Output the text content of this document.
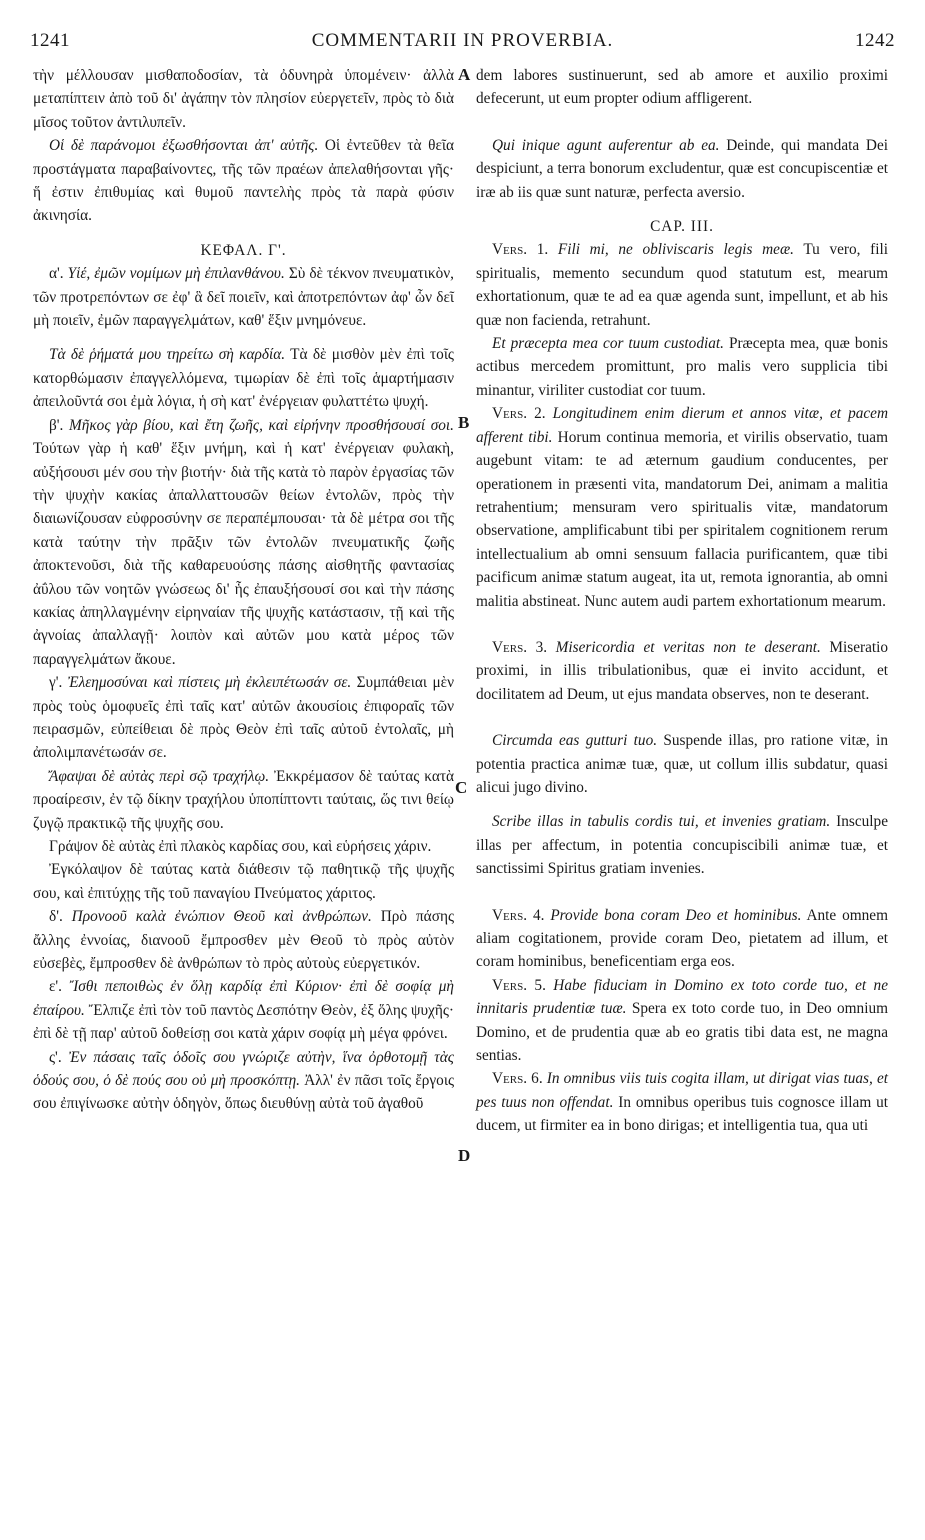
1241	COMMENTARII IN PROVERBIA.	1242
A
B
C
D

τὴν μέλλουσαν μισθαποδοσίαν, τὰ ὀδυνηρὰ ὑπομένειν· ἀλλὰ μεταπίπτειν ἀπὸ τοῦ δι' ἀγάπην τὸν πλησίον εὐεργετεῖν, πρὸς τὸ διὰ μῖσος τοῦτον ἀντιλυπεῖν.

Οἱ δὲ παράνομοι ἐξωσθήσονται ἀπ' αὐτῆς. Οἱ ἐντεῦθεν τὰ θεῖα προστάγματα παραβαίνοντες, τῆς τῶν πραέων ἀπελαθήσονται γῆς· ἥ ἐστιν ἐπιθυμίας καὶ θυμοῦ παντελὴς πρὸς τὰ παρὰ φύσιν ἀκινησία.

ΚΕΦΑΛ. Γ'.

α'. Υἱέ, ἐμῶν νομίμων μὴ ἐπιλανθάνου. Σὺ δὲ τέκνον πνευματικὸν, τῶν προτρεπόντων σε ἐφ' ἃ δεῖ ποιεῖν, καὶ ἀποτρεπόντων ἀφ' ὧν δεῖ μὴ ποιεῖν, ἐμῶν παραγγελμάτων, καθ' ἕξιν μνημόνευε.

Τὰ δὲ ῥήματά μου τηρείτω σὴ καρδία. Τὰ δὲ μισθὸν μὲν ἐπὶ τοῖς κατορθώμασιν ἐπαγγελλόμενα, τιμωρίαν δὲ ἐπὶ τοῖς ἁμαρτήμασιν ἀπειλοῦντά σοι ἐμὰ λόγια, ἡ σὴ κατ' ἐνέργειαν φυλαττέτω ψυχή.

β'. Μῆκος γὰρ βίου, καὶ ἔτη ζωῆς, καὶ εἰρήνην προσθήσουσί σοι. Τούτων γὰρ ἡ καθ' ἕξιν μνήμη, καὶ ἡ κατ' ἐνέργειαν φυλακὴ, αὐξήσουσι μέν σου τὴν βιοτήν· διὰ τῆς κατὰ τὸ παρὸν ἐργασίας τῶν τὴν ψυχὴν κακίας ἀπαλλαττουσῶν θείων ἐντολῶν, πρὸς τὴν διαιωνίζουσαν εὐφροσύνην σε περαπέμπουσαι· τὰ δὲ μέτρα σοι τῆς κατὰ ταύτην τὴν πρᾶξιν τῶν ἐντολῶν πνευματικῆς ζωῆς ἀποκτενοῦσι, διὰ τῆς καθαρευούσης πάσης αἰσθητῆς φαντασίας ἀΰλου τῶν νοητῶν γνώσεως δι' ἧς ἐπαυξήσουσί σοι καὶ τὴν πάσης κακίας ἀπηλλαγμένην εἰρηναίαν τῆς ψυχῆς κατάστασιν, τῇ καὶ τῆς ἀγνοίας ἀπαλλαγῇ· λοιπὸν καὶ αὐτῶν μου κατὰ μέρος τῶν παραγγελμάτων ἄκουε.

γ'. Ἐλεημοσύναι καὶ πίστεις μὴ ἐκλειπέτωσάν σε. Συμπάθειαι μὲν πρὸς τοὺς ὁμοφυεῖς ἐπὶ ταῖς κατ' αὐτῶν ἀκουσίοις ἐπιφοραῖς τῶν πειρασμῶν, εὐπείθειαι δὲ πρὸς Θεὸν ἐπὶ ταῖς αὐτοῦ ἐντολαῖς, μὴ ἀπολιμπανέτωσάν σε.

Ἄφαψαι δὲ αὐτὰς περὶ σῷ τραχήλῳ. Ἐκκρέμασον δὲ ταύτας κατὰ προαίρεσιν, ἐν τῷ δίκην τραχήλου ὑποπίπτοντι ταύταις, ὥς τινι θείῳ ζυγῷ πρακτικῷ τῆς ψυχῆς σου.

Γράψον δὲ αὐτὰς ἐπὶ πλακὸς καρδίας σου, καὶ εὑρήσεις χάριν.

Ἐγκόλαψον δὲ ταύτας κατὰ διάθεσιν τῷ παθητικῷ τῆς ψυχῆς σου, καὶ ἐπιτύχῃς τῆς τοῦ παναγίου Πνεύματος χάριτος.

δ'. Προνοοῦ καλὰ ἐνώπιον Θεοῦ καὶ ἀνθρώπων. Πρὸ πάσης ἄλλης ἐννοίας, διανοοῦ ἔμπροσθεν μὲν Θεοῦ τὸ πρὸς αὐτὸν εὐσεβὲς, ἔμπροσθεν δὲ ἀνθρώπων τὸ πρὸς αὐτοὺς εὐεργετικόν.

ε'. Ἴσθι πεποιθὼς ἐν ὅλῃ καρδίᾳ ἐπὶ Κύριον· ἐπὶ δὲ σοφίᾳ μὴ ἐπαίρου. Ἔλπιζε ἐπὶ τὸν τοῦ παντὸς Δεσπότην Θεὸν, ἐξ ὅλης ψυχῆς· ἐπὶ δὲ τῇ παρ' αὐτοῦ δοθείσῃ σοι κατὰ χάριν σοφίᾳ μὴ μέγα φρόνει.

ς'. Ἐν πάσαις ταῖς ὁδοῖς σου γνώριζε αὐτὴν, ἵνα ὀρθοτομῇ τὰς ὁδούς σου, ὁ δὲ πούς σου οὐ μὴ προσκόπτῃ. Ἀλλ' ἐν πᾶσι τοῖς ἔργοις σου ἐπιγίνωσκε αὐτὴν ὁδηγὸν, ὅπως διευθύνῃ αὐτὰ τοῦ ἀγαθοῦ

dem labores sustinuerunt, sed ab amore et auxilio proximi defecerunt, ut eum propter odium affligerent.

Qui inique agunt auferentur ab ea. Deinde, qui mandata Dei despiciunt, a terra bonorum excludentur, quæ est concupiscentiæ et iræ ab iis quæ sunt naturæ, perfecta aversio.

CAP. III.

Vers. 1. Fili mi, ne obliviscaris legis meæ. Tu vero, fili spiritualis, memento secundum quod statutum est, mearum exhortationum, quæ te ad ea quæ agenda sunt, impellunt, et ab his quæ non facienda, retrahunt.

Et præcepta mea cor tuum custodiat. Præcepta mea, quæ bonis actibus mercedem promittunt, pro malis vero supplicia tibi minantur, viriliter custodiat cor tuum.

Vers. 2. Longitudinem enim dierum et annos vitæ, et pacem afferent tibi. Horum continua memoria, et virilis observatio, tuam augebunt vitam: te ad æternum gaudium conducentes, per operationem in præsenti vita, mandatorum Dei, animam a malitia retrahentium; mensuram vero spiritualis vitæ, mandatorum observatione, amplificabunt tibi per spiritalem cognitionem rerum intellectualium ab omni sensuum fallacia purificantem, quæ tibi pacificum animæ statum augeat, ita ut, remota ignorantia, ab omni malitia abstineat. Nunc autem audi partem exhortationum mearum.

Vers. 3. Misericordia et veritas non te deserant. Miseratio proximi, in illis tribulationibus, quæ ei invito accidunt, et docilitatem ad Deum, ut ejus mandata observes, non te deserant.

Circumda eas gutturi tuo. Suspende illas, pro ratione vitæ, in potentia practica animæ tuæ, quæ, ut collum illis subdatur, quasi alicui jugo divino.

Scribe illas in tabulis cordis tui, et invenies gratiam. Insculpe illas per affectum, in potentia concupiscibili animæ tuæ, et sanctissimi Spiritus gratiam invenies.

Vers. 4. Provide bona coram Deo et hominibus. Ante omnem aliam cogitationem, provide coram Deo, pietatem ad illum, et coram hominibus, beneficentiam erga eos.

Vers. 5. Habe fiduciam in Domino ex toto corde tuo, et ne innitaris prudentiæ tuæ. Spera ex toto corde tuo, in Deo omnium Domino, et de prudentia quæ ab eo gratis tibi data est, ne magna sentias.

Vers. 6. In omnibus viis tuis cogita illam, ut dirigat vias tuas, et pes tuus non offendat. In omnibus operibus tuis cognosce illam ut ducem, ut firmiter ea in bono dirigas; et intelligentia tua, qua uti
